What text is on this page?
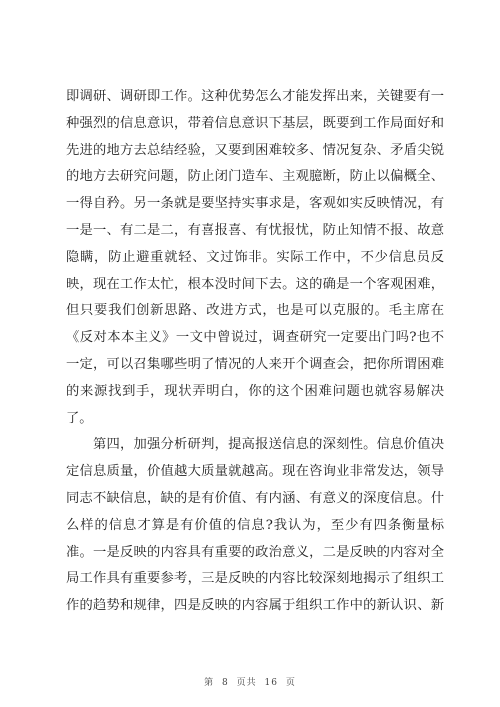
即调研、调研即工作。这种优势怎么才能发挥出来，关键要有一
种强烈的信息意识，带着信息意识下基层，既要到工作局面好和
先进的地方去总结经验，又要到困难较多、情况复杂、矛盾尖锐
的地方去研究问题，防止闭门造车、主观臆断，防止以偏概全、
一得自矜。另一条就是要坚持实事求是，客观如实反映情况，有
一是一、有二是二，有喜报喜、有忧报忧，防止知情不报、故意
隐瞒，防止避重就轻、文过饰非。实际工作中，不少信息员反
映，现在工作太忙，根本没时间下去。这的确是一个客观困难，
但只要我们创新思路、改进方式，也是可以克服的。毛主席在
《反对本本主义》一文中曾说过，调查研究一定要出门吗?也不
一定，可以召集哪些明了情况的人来开个调查会，把你所谓困难
的来源找到手，现状弄明白，你的这个困难问题也就容易解决
了。
第四，加强分析研判，提高报送信息的深刻性。信息价值决
定信息质量，价值越大质量就越高。现在咨询业非常发达，领导
同志不缺信息，缺的是有价值、有内涵、有意义的深度信息。什
么样的信息才算是有价值的信息?我认为，至少有四条衡量标
准。一是反映的内容具有重要的政治意义，二是反映的内容对全
局工作具有重要参考，三是反映的内容比较深刻地揭示了组织工
作的趋势和规律，四是反映的内容属于组织工作中的新认识、新
第 8 页共 16 页
